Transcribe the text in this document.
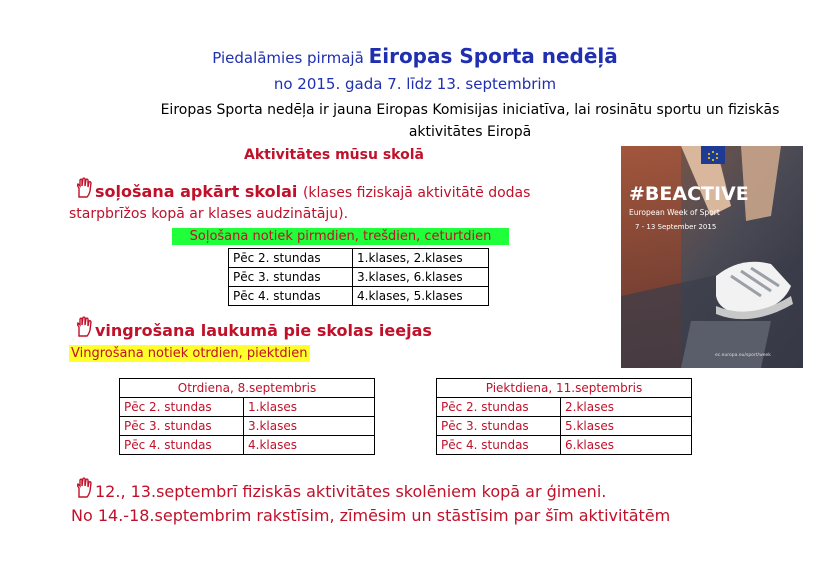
Piedalāmies pirmajā Eiropas Sporta nedēļā
no 2015. gada 7. līdz 13. septembrim
Eiropas Sporta nedēļa ir jauna Eiropas Komisijas iniciatīva, lai rosinātu sportu un fiziskās aktivitātes Eiropā
Aktivitātes mūsu skolā
soļošana apkārt skolai (klases fiziskajā aktivitātē dodas
starpbrīžos kopā ar klases audzinātāju).
Soļošana notiek pirmdien, trešdien, ceturtdien
Pēc 2. stundas	1.klases, 2.klases
Pēc 3. stundas	3.klases, 6.klases
Pēc 4. stundas	4.klases, 5.klases
vingrošana laukumā pie skolas ieejas
Vingrošana notiek otrdien, piektdien
Otrdiena, 8.septembris	
Pēc 2. stundas	1.klases
Pēc 3. stundas	3.klases
Pēc 4. stundas	4.klases
Piektdiena, 11.septembris	
Pēc 2. stundas	2.klases
Pēc 3. stundas	5.klases
Pēc 4. stundas	6.klases
12., 13.septembrī fiziskās aktivitātes skolēniem kopā ar ģimeni.
No 14.-18.septembrim rakstīsim, zīmēsim un stāstīsim par šīm aktivitātēm
#BEACTIVE
European Week of Sport
7 - 13 September 2015
ec.europa.eu/sport/week
